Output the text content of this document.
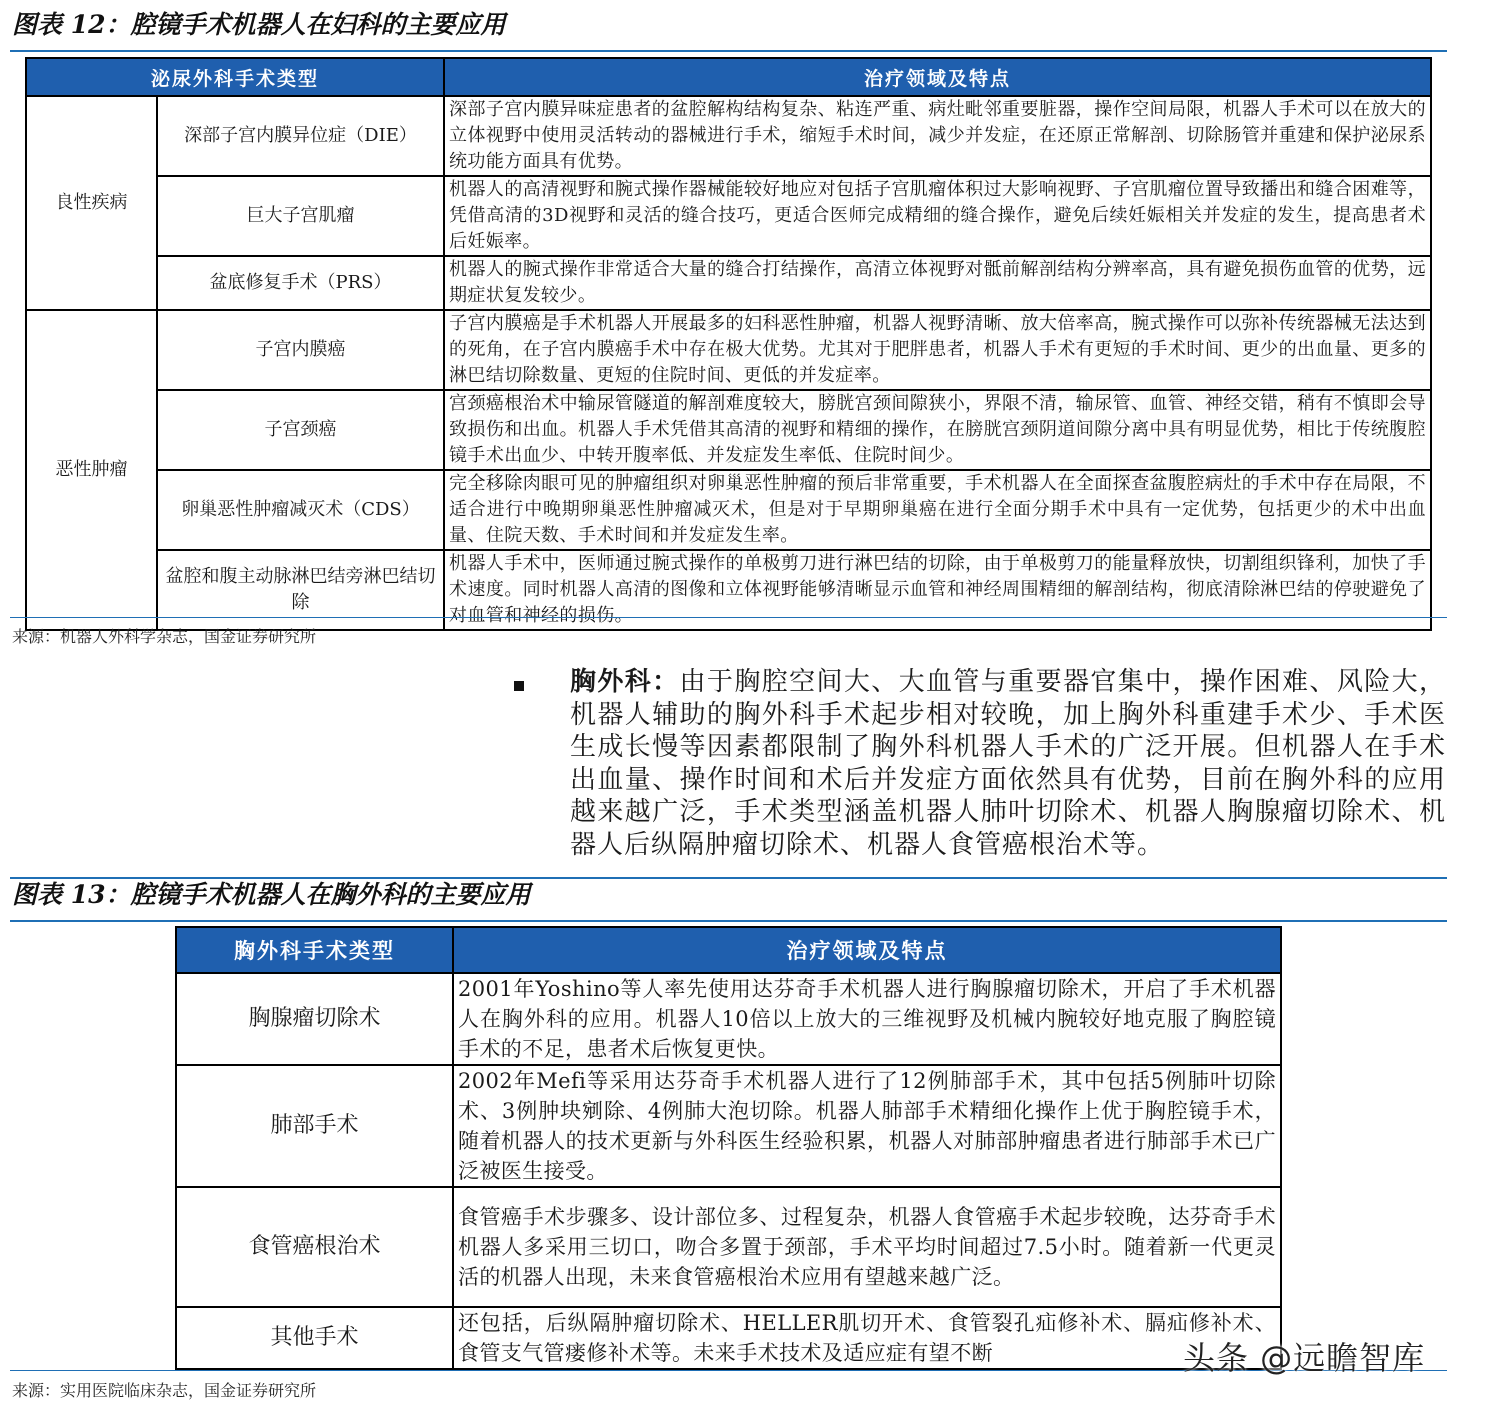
图表 12：腔镜手术机器人在妇科的主要应用
泌尿外科手术类型		治疗领域及特点
良性疾病	深部子宫内膜异位症（DIE）	深部子宫内膜异味症患者的盆腔解构结构复杂、粘连严重、病灶毗邻重要脏器，操作空间局限，机器人手术可以在放大的立体视野中使用灵活转动的器械进行手术，缩短手术时间，减少并发症，在还原正常解剖、切除肠管并重建和保护泌尿系统功能方面具有优势。
	巨大子宫肌瘤	机器人的高清视野和腕式操作器械能较好地应对包括子宫肌瘤体积过大影响视野、子宫肌瘤位置导致播出和缝合困难等，凭借高清的3D视野和灵活的缝合技巧，更适合医师完成精细的缝合操作，避免后续妊娠相关并发症的发生，提高患者术后妊娠率。
	盆底修复手术（PRS）	机器人的腕式操作非常适合大量的缝合打结操作，高清立体视野对骶前解剖结构分辨率高，具有避免损伤血管的优势，远期症状复发较少。
恶性肿瘤	子宫内膜癌	子宫内膜癌是手术机器人开展最多的妇科恶性肿瘤，机器人视野清晰、放大倍率高，腕式操作可以弥补传统器械无法达到的死角，在子宫内膜癌手术中存在极大优势。尤其对于肥胖患者，机器人手术有更短的手术时间、更少的出血量、更多的淋巴结切除数量、更短的住院时间、更低的并发症率。
	子宫颈癌	宫颈癌根治术中输尿管隧道的解剖难度较大，膀胱宫颈间隙狭小，界限不清，输尿管、血管、神经交错，稍有不慎即会导致损伤和出血。机器人手术凭借其高清的视野和精细的操作，在膀胱宫颈阴道间隙分离中具有明显优势，相比于传统腹腔镜手术出血少、中转开腹率低、并发症发生率低、住院时间少。
	卵巢恶性肿瘤减灭术（CDS）	完全移除肉眼可见的肿瘤组织对卵巢恶性肿瘤的预后非常重要，手术机器人在全面探查盆腹腔病灶的手术中存在局限，不适合进行中晚期卵巢恶性肿瘤减灭术，但是对于早期卵巢癌在进行全面分期手术中具有一定优势，包括更少的术中出血量、住院天数、手术时间和并发症发生率。
	盆腔和腹主动脉淋巴结旁淋巴结切除	机器人手术中，医师通过腕式操作的单极剪刀进行淋巴结的切除，由于单极剪刀的能量释放快，切割组织锋利，加快了手术速度。同时机器人高清的图像和立体视野能够清晰显示血管和神经周围精细的解剖结构，彻底清除淋巴结的停驶避免了对血管和神经的损伤。
来源：机器人外科学杂志，国金证券研究所
胸外科：由于胸腔空间大、大血管与重要器官集中，操作困难、风险大，机器人辅助的胸外科手术起步相对较晚，加上胸外科重建手术少、手术医生成长慢等因素都限制了胸外科机器人手术的广泛开展。但机器人在手术出血量、操作时间和术后并发症方面依然具有优势，目前在胸外科的应用越来越广泛，手术类型涵盖机器人肺叶切除术、机器人胸腺瘤切除术、机器人后纵隔肿瘤切除术、机器人食管癌根治术等。
图表 13：腔镜手术机器人在胸外科的主要应用
胸外科手术类型	治疗领域及特点
胸腺瘤切除术	2001年Yoshino等人率先使用达芬奇手术机器人进行胸腺瘤切除术，开启了手术机器人在胸外科的应用。机器人10倍以上放大的三维视野及机械内腕较好地克服了胸腔镜手术的不足，患者术后恢复更快。
肺部手术	2002年Mefi等采用达芬奇手术机器人进行了12例肺部手术，其中包括5例肺叶切除术、3例肿块剜除、4例肺大泡切除。机器人肺部手术精细化操作上优于胸腔镜手术，随着机器人的技术更新与外科医生经验积累，机器人对肺部肿瘤患者进行肺部手术已广泛被医生接受。
食管癌根治术	食管癌手术步骤多、设计部位多、过程复杂，机器人食管癌手术起步较晚，达芬奇手术机器人多采用三切口，吻合多置于颈部，手术平均时间超过7.5小时。随着新一代更灵活的机器人出现，未来食管癌根治术应用有望越来越广泛。
其他手术	还包括，后纵隔肿瘤切除术、HELLER肌切开术、食管裂孔疝修补术、膈疝修补术、食管支气管瘘修补术等。未来手术技术及适应症有望不断
来源：实用医院临床杂志，国金证券研究所
头条 @远瞻智库
